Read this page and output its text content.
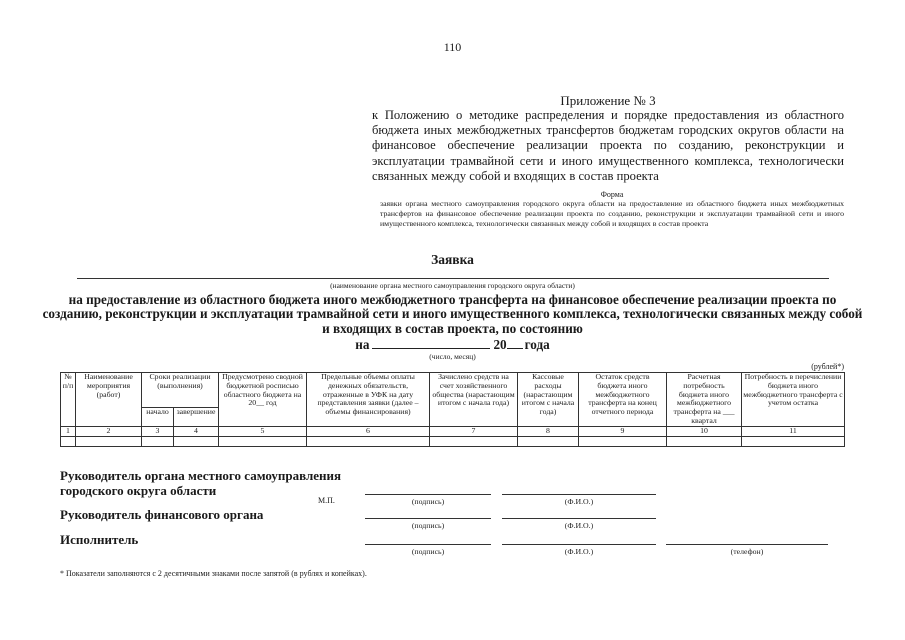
110
Приложение № 3
к Положению о методике распределения и порядке предоставления из областного бюджета иных межбюджетных трансфертов бюджетам городских округов области на финансовое обеспечение реализации проекта по созданию, реконструкции и эксплуатации трамвайной сети и иного имущественного комплекса, технологически связанных между собой и входящих в состав проекта
Форма
заявки органа местного самоуправления городского округа области на предоставление из областного бюджета иных межбюджетных трансфертов на финансовое обеспечение реализации проекта по созданию, реконструкции и эксплуатации трамвайной сети и иного имущественного комплекса, технологически связанных между собой и входящих в состав проекта
Заявка
(наименование органа местного самоуправления городского округа области)
на предоставление из областного бюджета иного межбюджетного трансферта на финансовое обеспечение реализации проекта по созданию, реконструкции и эксплуатации трамвайной сети и иного имущественного комплекса, технологически связанных между собой и входящих в состав проекта, по состоянию
на	20 года
(число, месяц)
(рублей*)
№ п/п	Наименование мероприятия (работ)	Сроки реализации (выполнения)		Предусмотрено сводной бюджетной росписью областного бюджета на 20__ год	Предельные объемы оплаты денежных обязательств, отраженные в УФК на дату представления заявки (далее – объемы финансирования)	Зачислено средств на счет хозяйственного общества (нарастающим итогом с начала года)	Кассовые расходы (нарастающим итогом с начала года)	Остаток средств бюджета иного межбюджетного трансферта на конец отчетного периода	Расчетная потребность бюджета иного межбюджетного трансферта на ___ квартал	Потребность в перечислении бюджета иного межбюджетного трансферта с учетом остатка
		начало	завершение							
1	2	3	4	5	6	7	8	9	10	11

Руководитель органа местного самоуправления городского округа области
М.П.	(подпись)	(Ф.И.О.)
Руководитель финансового органа
(подпись)	(Ф.И.О.)
Исполнитель
(подпись)	(Ф.И.О.)	(телефон)
* Показатели заполняются с 2 десятичными знаками после запятой (в рублях и копейках).
